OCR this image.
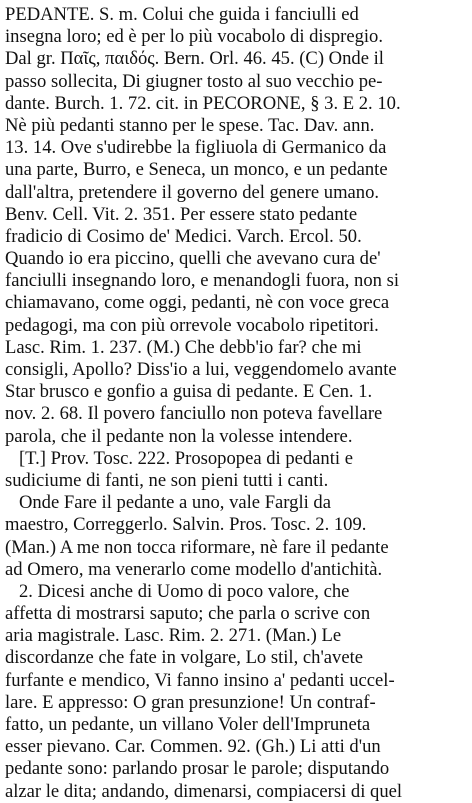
PEDANTE. S. m. Colui che guida i fanciulli ed
insegna loro; ed è per lo più vocabolo di dispregio.
Dal gr. Παῖς, παιδός. Bern. Orl. 46. 45. (C) Onde il
passo sollecita, Di giugner tosto al suo vecchio pe-
dante. Burch. 1. 72. cit. in PECORONE, § 3. E 2. 10.
Nè più pedanti stanno per le spese. Tac. Dav. ann.
13. 14. Ove s'udirebbe la figliuola di Germanico da
una parte, Burro, e Seneca, un monco, e un pedante
dall'altra, pretendere il governo del genere umano.
Benv. Cell. Vit. 2. 351. Per essere stato pedante
fradicio di Cosimo de' Medici. Varch. Ercol. 50.
Quando io era piccino, quelli che avevano cura de'
fanciulli insegnando loro, e menandogli fuora, non si
chiamavano, come oggi, pedanti, nè con voce greca
pedagogi, ma con più orrevole vocabolo ripetitori.
Lasc. Rim. 1. 237. (M.) Che debb'io far? che mi
consigli, Apollo? Diss'io a lui, veggendomelo avante
Star brusco e gonfio a guisa di pedante. E Cen. 1.
nov. 2. 68. Il povero fanciullo non poteva favellare
parola, che il pedante non la volesse intendere.
[T.] Prov. Tosc. 222. Prosopopea di pedanti e
sudiciume di fanti, ne son pieni tutti i canti.
Onde Fare il pedante a uno, vale Fargli da
maestro, Correggerlo. Salvin. Pros. Tosc. 2. 109.
(Man.) A me non tocca riformare, nè fare il pedante
ad Omero, ma venerarlo come modello d'antichità.
2. Dicesi anche di Uomo di poco valore, che
affetta di mostrarsi saputo; che parla o scrive con
aria magistrale. Lasc. Rim. 2. 271. (Man.) Le
discordanze che fate in volgare, Lo stil, ch'avete
furfante e mendico, Vi fanno insino a' pedanti uccel-
lare. E appresso: O gran presunzione! Un contraf-
fatto, un pedante, un villano Voler dell'Impruneta
esser pievano. Car. Commen. 92. (Gh.) Li atti d'un
pedante sono: parlando prosar le parole; disputando
alzar le dita; andando, dimenarsi, compiacersi di quel
